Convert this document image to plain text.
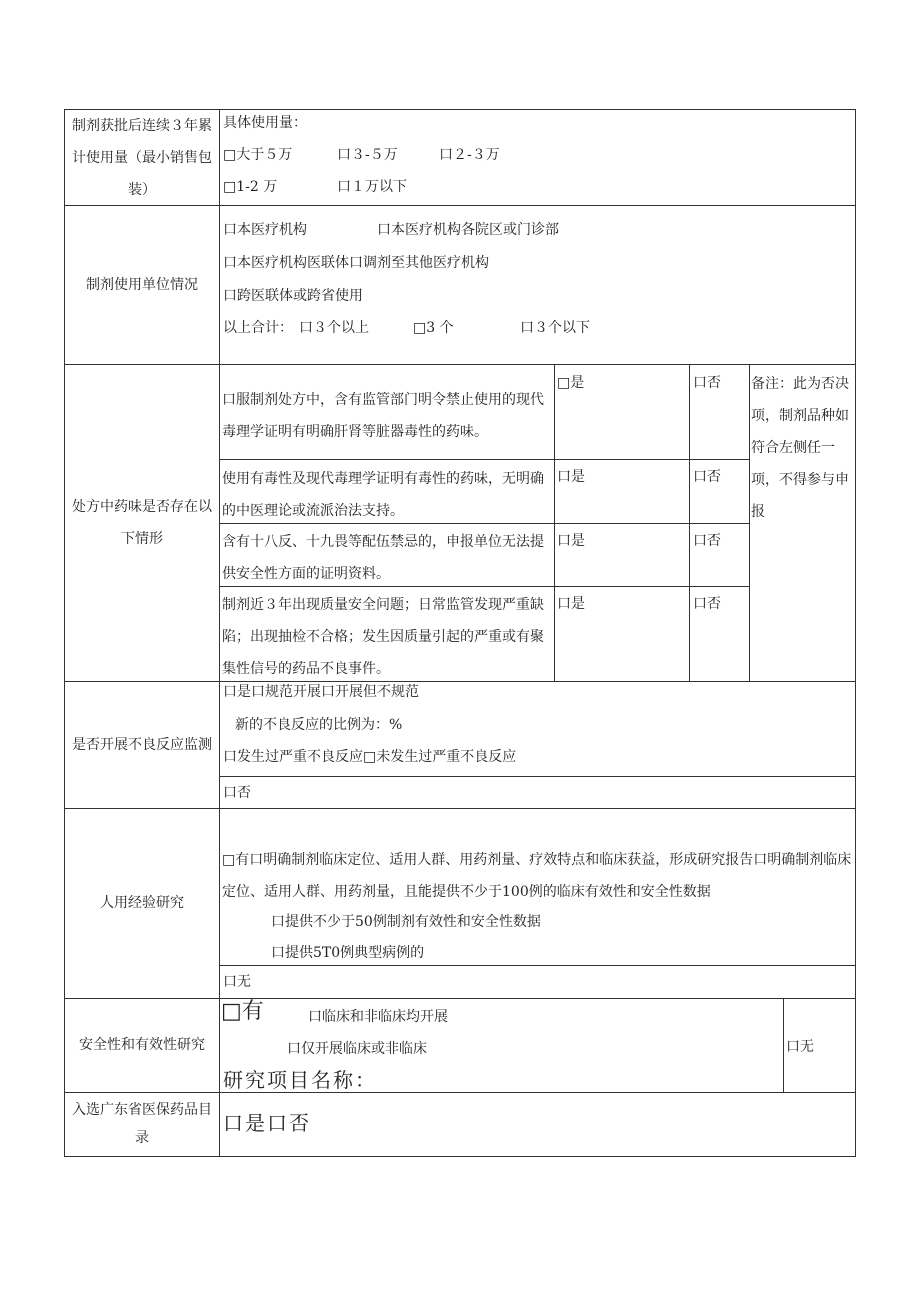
制剂获批后连续３年累计使用量（最小销售包装）
具体使用量：
□大于５万	口３-５万	口２-３万
□1-2 万	口１万以下
制剂使用单位情况
口本医疗机构	口本医疗机构各院区或门诊部
口本医疗机构医联体口调剂至其他医疗机构
口跨医联体或跨省使用
以上合计： 口３个以上	□3 个	口３个以下
处方中药味是否存在以下情形
口服制剂处方中，含有监管部门明令禁止使用的现代毒理学证明有明确肝肾等脏器毒性的药味。
□是	口否
使用有毒性及现代毒理学证明有毒性的药味，无明确的中医理论或流派治法支持。
口是	口否
含有十八反、十九畏等配伍禁忌的，申报单位无法提供安全性方面的证明资料。
口是	口否
制剂近３年出现质量安全问题；日常监管发现严重缺陷；出现抽检不合格；发生因质量引起的严重或有聚集性信号的药品不良事件。
口是	口否
备注：此为否决项，制剂品种如符合左侧任一项，不得参与申报
是否开展不良反应监测
口是口规范开展口开展但不规范
新的不良反应的比例为：%
口发生过严重不良反应□未发生过严重不良反应
口否
人用经验研究
□有口明确制剂临床定位、适用人群、用药剂量、疗效特点和临床获益，形成研究报告口明确制剂临床定位、适用人群、用药剂量，且能提供不少于100例的临床有效性和安全性数据
口提供不少于50例制剂有效性和安全性数据
口提供5T0例典型病例的
口无
安全性和有效性研究
□有	口临床和非临床均开展
口仅开展临床或非临床
研究项目名称：
口无
入选广东省医保药品目录
口是口否
